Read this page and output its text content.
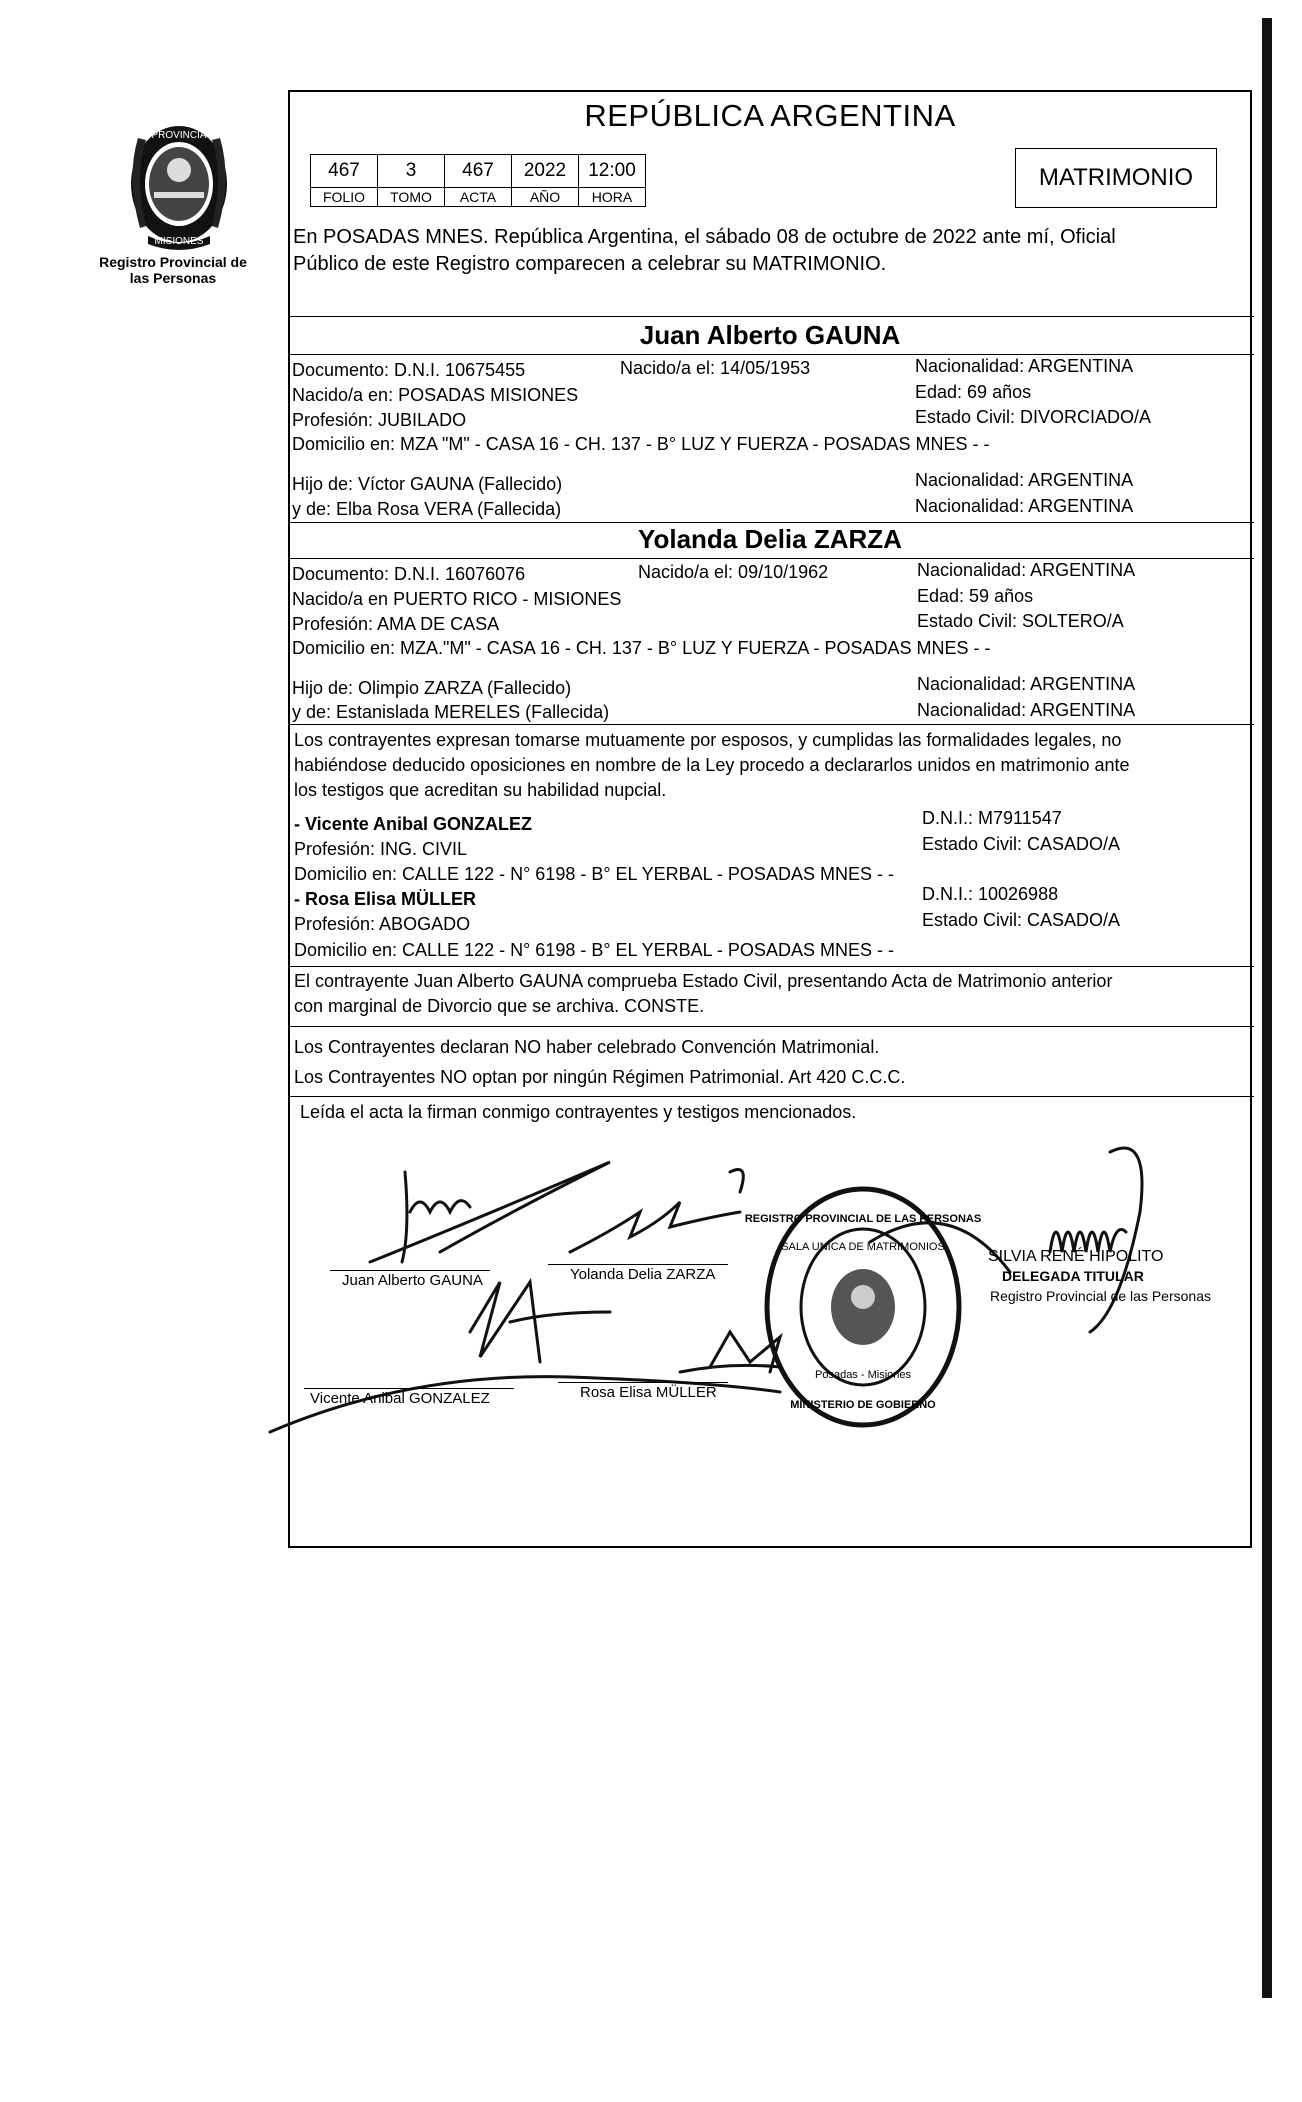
PROVINCIA
MISIONES
Registro Provincial de las Personas
REPÚBLICA ARGENTINA
467	3	467	2022	12:00
FOLIO	TOMO	ACTA	AÑO	HORA
MATRIMONIO
En POSADAS MNES. República Argentina, el sábado 08 de octubre de 2022 ante mí, Oficial
Público de este Registro comparecen a celebrar su MATRIMONIO.
Juan Alberto GAUNA
Documento: D.N.I. 10675455	Nacido/a el: 14/05/1953	Nacionalidad: ARGENTINA
Nacido/a en: POSADAS MISIONES	Edad: 69 años
Profesión: JUBILADO	Estado Civil: DIVORCIADO/A
Domicilio en: MZA "M" - CASA 16 - CH. 137 - B° LUZ Y FUERZA - POSADAS MNES - -
Hijo de: Víctor GAUNA (Fallecido)	Nacionalidad: ARGENTINA
y de: Elba Rosa VERA (Fallecida)	Nacionalidad: ARGENTINA
Yolanda Delia ZARZA
Documento: D.N.I. 16076076	Nacido/a el: 09/10/1962	Nacionalidad: ARGENTINA
Nacido/a en PUERTO RICO - MISIONES	Edad: 59 años
Profesión: AMA DE CASA	Estado Civil: SOLTERO/A
Domicilio en: MZA."M" - CASA 16 - CH. 137 - B° LUZ Y FUERZA - POSADAS MNES - -
Hijo de: Olimpio ZARZA (Fallecido)	Nacionalidad: ARGENTINA
y de: Estanislada MERELES (Fallecida)	Nacionalidad: ARGENTINA
Los contrayentes expresan tomarse mutuamente por esposos, y cumplidas las formalidades legales, no
habiéndose deducido oposiciones en nombre de la Ley procedo a declararlos unidos en matrimonio ante
los testigos que acreditan su habilidad nupcial.
- Vicente Anibal GONZALEZ	D.N.I.: M7911547
Profesión: ING. CIVIL	Estado Civil: CASADO/A
Domicilio en: CALLE 122 - N° 6198 - B° EL YERBAL - POSADAS MNES - -
- Rosa Elisa MÜLLER	D.N.I.: 10026988
Profesión: ABOGADO	Estado Civil: CASADO/A
Domicilio en: CALLE 122 - N° 6198 - B° EL YERBAL - POSADAS MNES - -
El contrayente Juan Alberto GAUNA comprueba Estado Civil, presentando Acta de Matrimonio anterior
con marginal de Divorcio que se archiva. CONSTE.
Los Contrayentes declaran NO haber celebrado Convención Matrimonial.
Los Contrayentes NO optan por ningún Régimen Patrimonial. Art 420 C.C.C.
Leída el acta la firman conmigo contrayentes y testigos mencionados.
Juan Alberto GAUNA	Yolanda Delia ZARZA
Vicente Anibal GONZALEZ	Rosa Elisa MÜLLER
REGISTRO PROVINCIAL DE LAS PERSONAS
SALA UNICA DE MATRIMONIOS
Posadas - Misiones
MINISTERIO DE GOBIERNO
SILVIA RENÉ HIPOLITO
DELEGADA TITULAR
Registro Provincial de las Personas
